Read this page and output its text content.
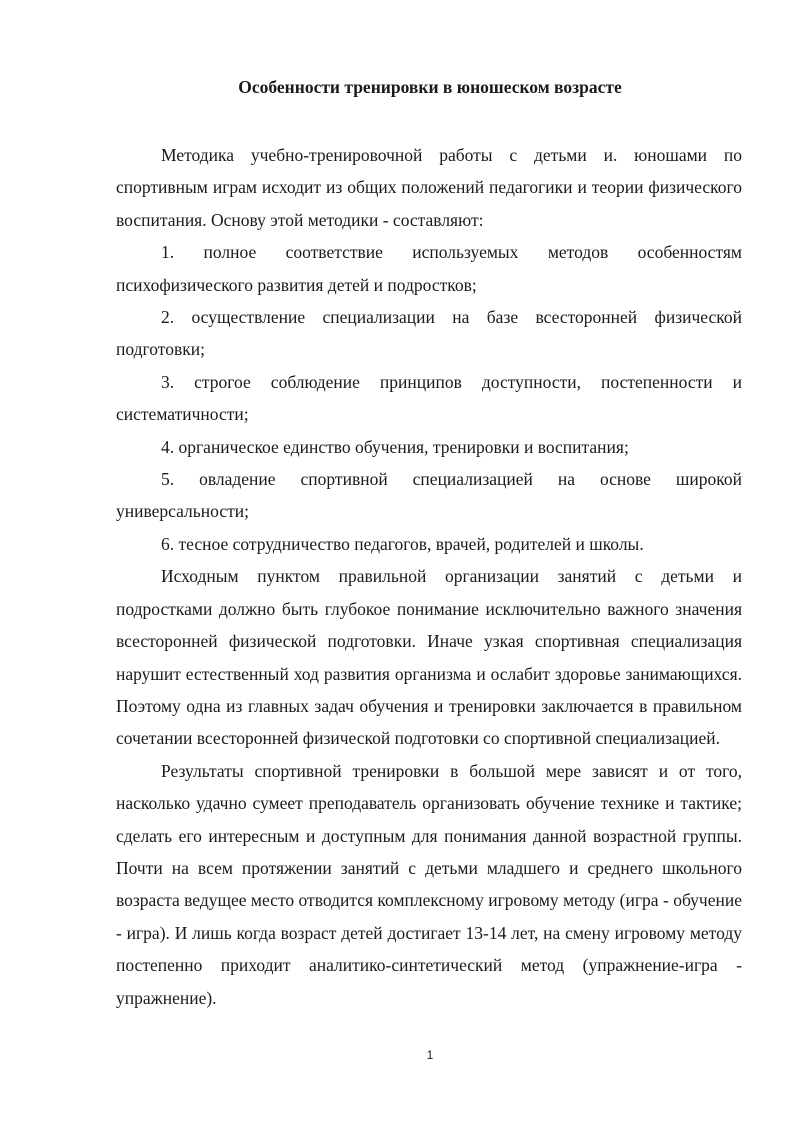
Особенности тренировки в юношеском возрасте

Методика учебно-тренировочной работы с детьми и. юношами по спортивным играм исходит из общих положений педагогики и теории физического воспитания. Основу этой методики - составляют:

1. полное соответствие используемых методов особенностям психофизического развития детей и подростков;

2. осуществление специализации на базе всесторонней физической подготовки;

3. строгое соблюдение принципов доступности, постепенности и систематичности;

4. органическое единство обучения, тренировки и воспитания;

5. овладение спортивной специализацией на основе широкой универсальности;

6. тесное сотрудничество педагогов, врачей, родителей и школы.

Исходным пунктом правильной организации занятий с детьми и подростками должно быть глубокое понимание исключительно важного значения всесторонней физической подготовки. Иначе узкая спортивная специализация нарушит естественный ход развития организма и ослабит здоровье занимающихся. Поэтому одна из главных задач обучения и тренировки заключается в правильном сочетании всесторонней физической подготовки со спортивной специализацией.

Результаты спортивной тренировки в большой мере зависят и от того, насколько удачно сумеет преподаватель организовать обучение технике и тактике; сделать его интересным и доступным для понимания данной возрастной группы. Почти на всем протяжении занятий с детьми младшего и среднего школьного возраста ведущее место отводится комплексному игровому методу (игра - обучение - игра). И лишь когда возраст детей достигает 13-14 лет, на смену игровому методу постепенно приходит аналитико-синтетический метод (упражнение-игра - упражнение).

1
